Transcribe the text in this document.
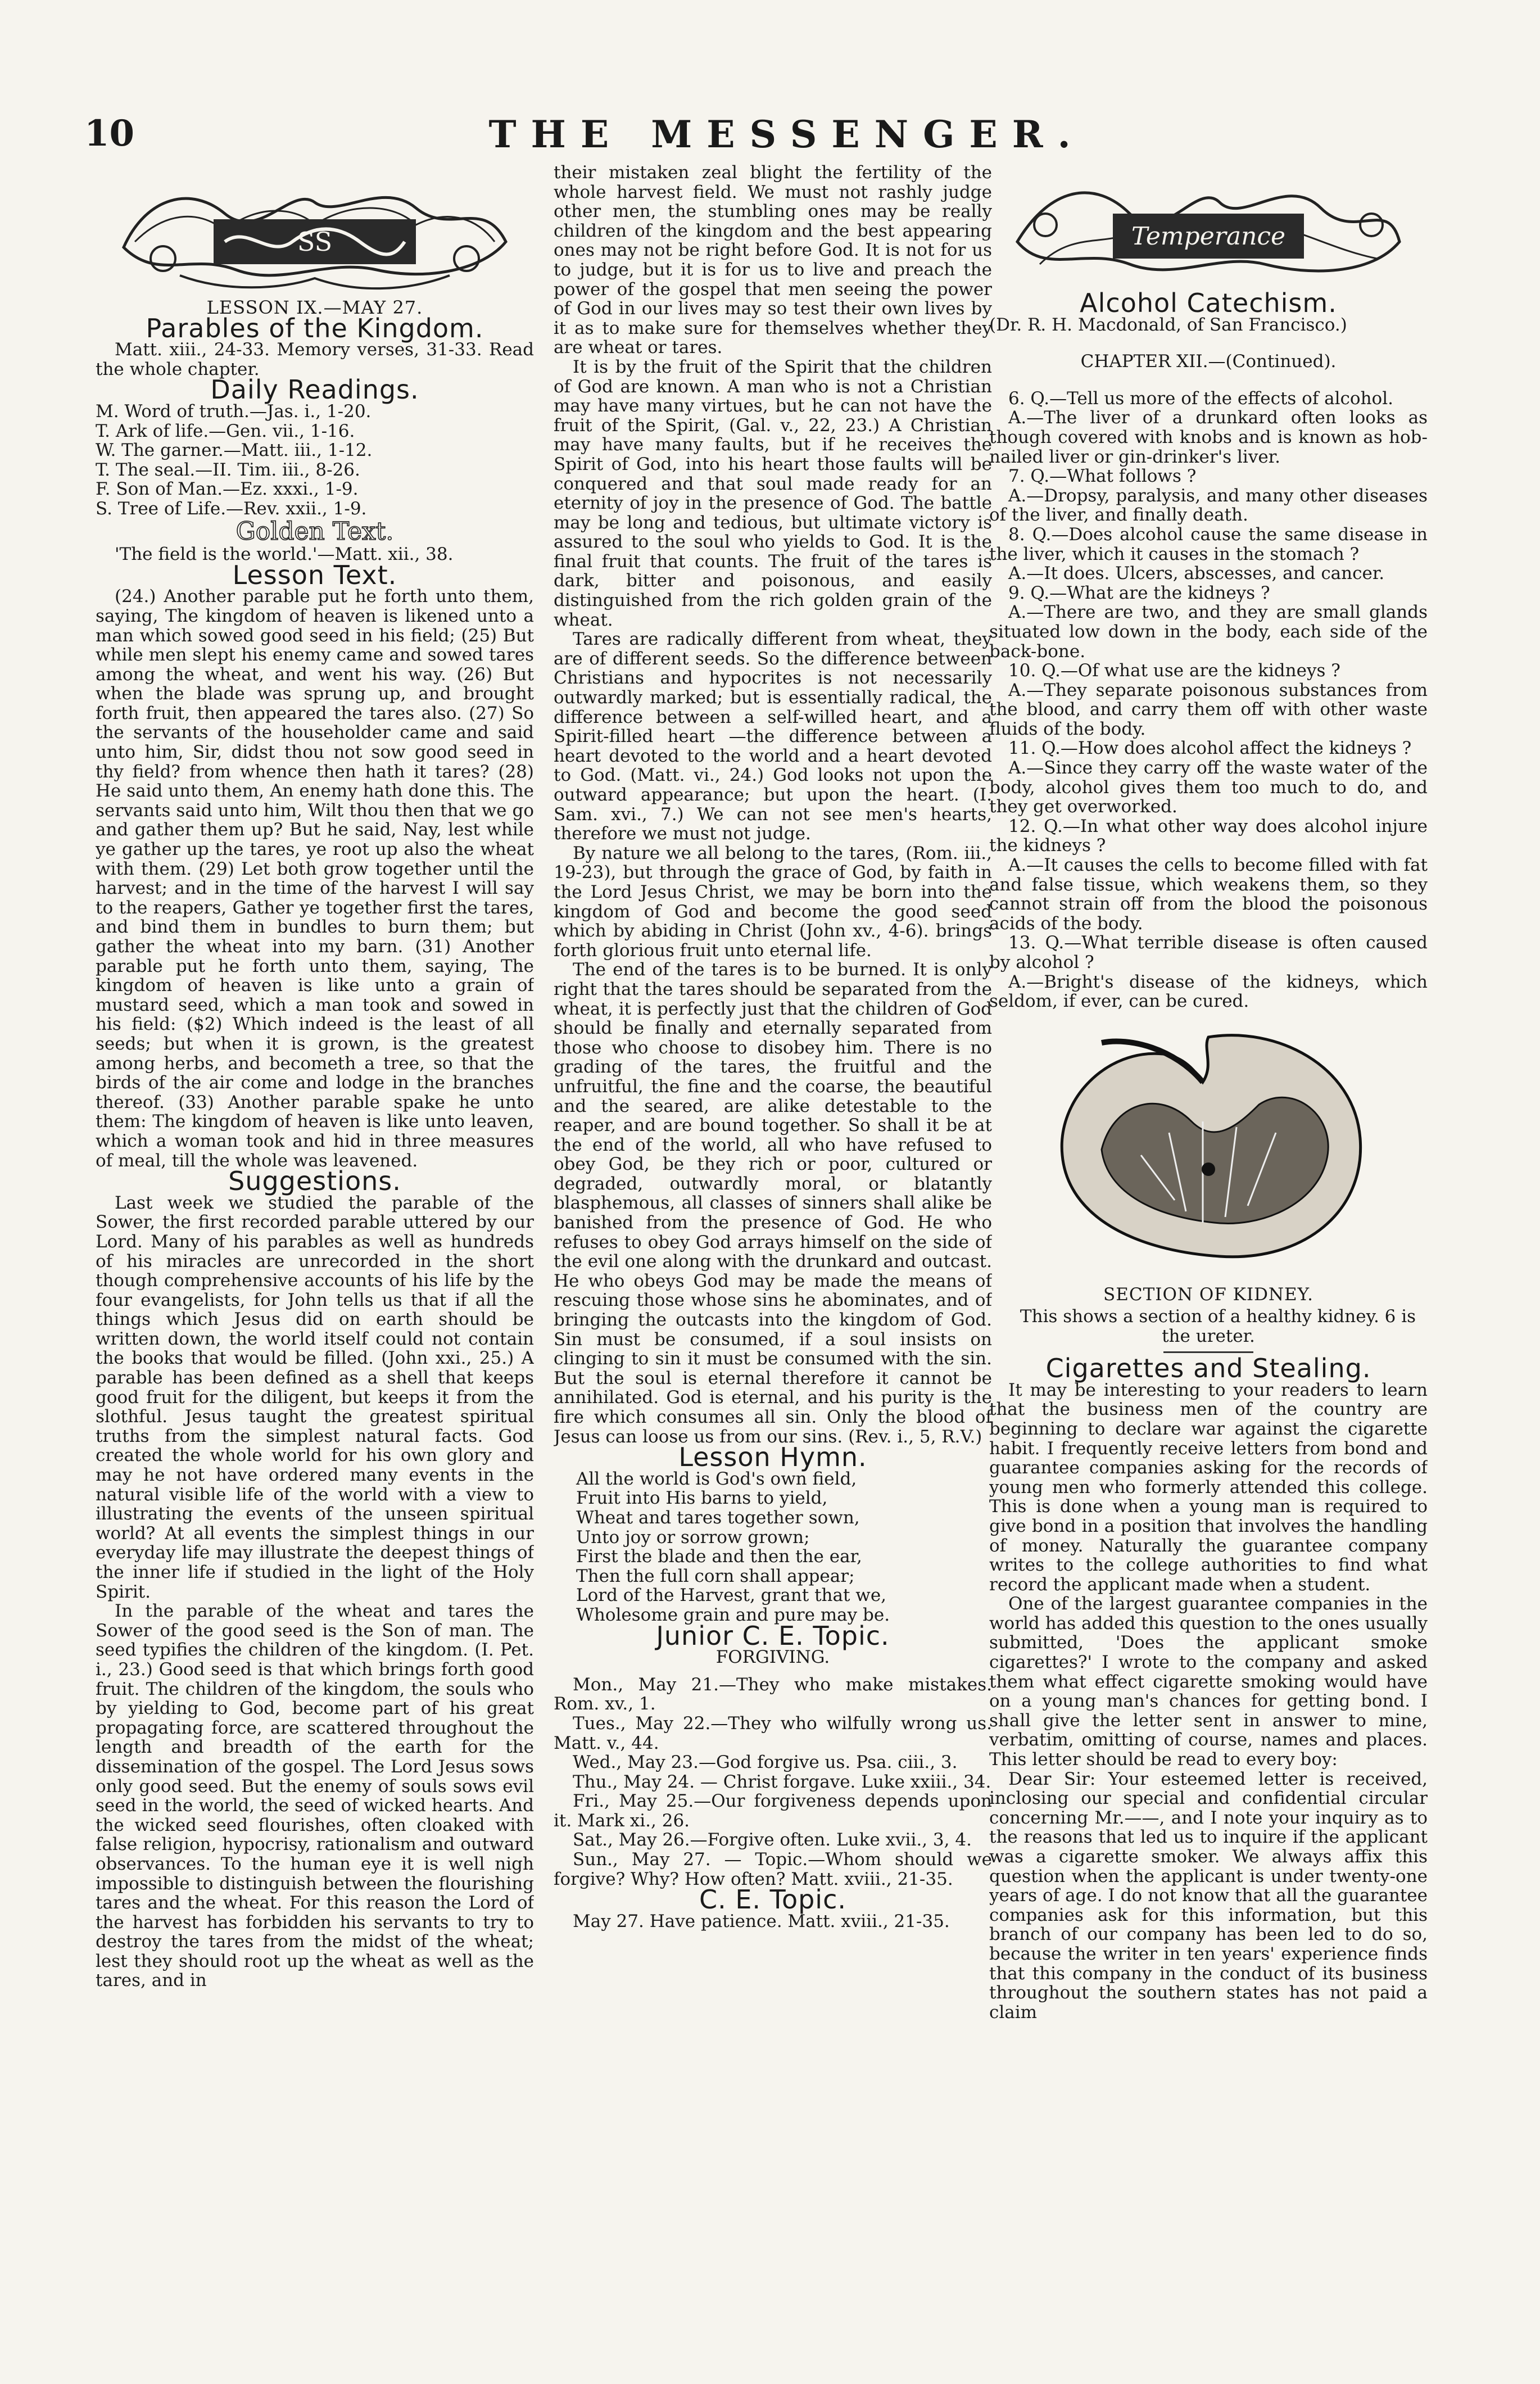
10	THE MESSENGER.
SS

LESSON IX.—MAY 27.

Parables of the Kingdom.

Matt. xiii., 24-33. Memory verses, 31-33. Read the whole chapter.

Daily Readings.

M. Word of truth.—Jas. i., 1-20.

T. Ark of life.—Gen. vii., 1-16.

W. The garner.—Matt. iii., 1-12.

T. The seal.—II. Tim. iii., 8-26.

F. Son of Man.—Ez. xxxi., 1-9.

S. Tree of Life.—Rev. xxii., 1-9.

Golden Text.

'The field is the world.'—Matt. xii., 38.

Lesson Text.

(24.) Another parable put he forth unto them, saying, The kingdom of heaven is likened unto a man which sowed good seed in his field; (25) But while men slept his enemy came and sowed tares among the wheat, and went his way. (26) But when the blade was sprung up, and brought forth fruit, then appeared the tares also. (27) So the servants of the householder came and said unto him, Sir, didst thou not sow good seed in thy field? from whence then hath it tares? (28) He said unto them, An enemy hath done this. The servants said unto him, Wilt thou then that we go and gather them up? But he said, Nay, lest while ye gather up the tares, ye root up also the wheat with them. (29) Let both grow together until the harvest; and in the time of the harvest I will say to the reapers, Gather ye together first the tares, and bind them in bundles to burn them; but gather the wheat into my barn. (31) Another parable put he forth unto them, saying, The kingdom of heaven is like unto a grain of mustard seed, which a man took and sowed in his field: ($2) Which indeed is the least of all seeds; but when it is grown, is the greatest among herbs, and becometh a tree, so that the birds of the air come and lodge in the branches thereof. (33) Another parable spake he unto them: The kingdom of heaven is like unto leaven, which a woman took and hid in three measures of meal, till the whole was leavened.

Suggestions.

Last week we studied the parable of the Sower, the first recorded parable uttered by our Lord. Many of his parables as well as hundreds of his miracles are unrecorded in the short though comprehensive accounts of his life by the four evangelists, for John tells us that if all the things which Jesus did on earth should be written down, the world itself could not contain the books that would be filled. (John xxi., 25.) A parable has been defined as a shell that keeps good fruit for the diligent, but keeps it from the slothful. Jesus taught the greatest spiritual truths from the simplest natural facts. God created the whole world for his own glory and may he not have ordered many events in the natural visible life of the world with a view to illustrating the events of the unseen spiritual world? At all events the simplest things in our everyday life may illustrate the deepest things of the inner life if studied in the light of the Holy Spirit.

In the parable of the wheat and tares the Sower of the good seed is the Son of man. The seed typifies the children of the kingdom. (I. Pet. i., 23.) Good seed is that which brings forth good fruit. The children of the kingdom, the souls who by yielding to God, become part of his great propagating force, are scattered throughout the length and breadth of the earth for the dissemination of the gospel. The Lord Jesus sows only good seed. But the enemy of souls sows evil seed in the world, the seed of wicked hearts. And the wicked seed flourishes, often cloaked with false religion, hypocrisy, rationalism and outward observances. To the human eye it is well nigh impossible to distinguish between the flourishing tares and the wheat. For this reason the Lord of the harvest has forbidden his servants to try to destroy the tares from the midst of the wheat; lest they should root up the wheat as well as the tares, and in

their mistaken zeal blight the fertility of the whole harvest field. We must not rashly judge other men, the stumbling ones may be really children of the kingdom and the best appearing ones may not be right before God. It is not for us to judge, but it is for us to live and preach the power of the gospel that men seeing the power of God in our lives may so test their own lives by it as to make sure for themselves whether they are wheat or tares.

It is by the fruit of the Spirit that the children of God are known. A man who is not a Christian may have many virtues, but he can not have the fruit of the Spirit, (Gal. v., 22, 23.) A Christian may have many faults, but if he receives the Spirit of God, into his heart those faults will be conquered and that soul made ready for an eternity of joy in the presence of God. The battle may be long and tedious, but ultimate victory is assured to the soul who yields to God. It is the final fruit that counts. The fruit of the tares is dark, bitter and poisonous, and easily distinguished from the rich golden grain of the wheat.

Tares are radically different from wheat, they are of different seeds. So the difference between Christians and hypocrites is not necessarily outwardly marked; but is essentially radical, the difference between a self-willed heart, and a Spirit-filled heart —the difference between a heart devoted to the world and a heart devoted to God. (Matt. vi., 24.) God looks not upon the outward appearance; but upon the heart. (I. Sam. xvi., 7.) We can not see men's hearts, therefore we must not judge.

By nature we all belong to the tares, (Rom. iii., 19-23), but through the grace of God, by faith in the Lord Jesus Christ, we may be born into the kingdom of God and become the good seed which by abiding in Christ (John xv., 4-6). brings forth glorious fruit unto eternal life.

The end of the tares is to be burned. It is only right that the tares should be separated from the wheat, it is perfectly just that the children of God should be finally and eternally separated from those who choose to disobey him. There is no grading of the tares, the fruitful and the unfruitful, the fine and the coarse, the beautiful and the seared, are alike detestable to the reaper, and are bound together. So shall it be at the end of the world, all who have refused to obey God, be they rich or poor, cultured or degraded, outwardly moral, or blatantly blasphemous, all classes of sinners shall alike be banished from the presence of God. He who refuses to obey God arrays himself on the side of the evil one along with the drunkard and outcast. He who obeys God may be made the means of rescuing those whose sins he abominates, and of bringing the outcasts into the kingdom of God. Sin must be consumed, if a soul insists on clinging to sin it must be consumed with the sin. But the soul is eternal therefore it cannot be annihilated. God is eternal, and his purity is the fire which consumes all sin. Only the blood of Jesus can loose us from our sins. (Rev. i., 5, R.V.)

Lesson Hymn.

All the world is God's own field,

Fruit into His barns to yield,

Wheat and tares together sown,

Unto joy or sorrow grown;

First the blade and then the ear,

Then the full corn shall appear;

Lord of the Harvest, grant that we,

Wholesome grain and pure may be.

Junior C. E. Topic.

FORGIVING.

Mon., May 21.—They who make mistakes. Rom. xv., 1.

Tues., May 22.—They who wilfully wrong us. Matt. v., 44.

Wed., May 23.—God forgive us. Psa. ciii., 3.

Thu., May 24. — Christ forgave. Luke xxiii., 34.

Fri., May 25.—Our forgiveness depends upon it. Mark xi., 26.

Sat., May 26.—Forgive often. Luke xvii., 3, 4.

Sun., May 27. — Topic.—Whom should we forgive? Why? How often? Matt. xviii., 21-35.

C. E. Topic.

May 27. Have patience. Matt. xviii., 21-35.

Temperance
Alcohol Catechism.

(Dr. R. H. Macdonald, of San Francisco.)

CHAPTER XII.—(Continued).

6. Q.—Tell us more of the effects of alcohol.

A.—The liver of a drunkard often looks as though covered with knobs and is known as hob-nailed liver or gin-drinker's liver.

7. Q.—What follows ?

A.—Dropsy, paralysis, and many other diseases of the liver, and finally death.

8. Q.—Does alcohol cause the same disease in the liver, which it causes in the stomach ?

A.—It does. Ulcers, abscesses, and cancer.

9. Q.—What are the kidneys ?

A.—There are two, and they are small glands situated low down in the body, each side of the back-bone.

10. Q.—Of what use are the kidneys ?

A.—They separate poisonous substances from the blood, and carry them off with other waste fluids of the body.

11. Q.—How does alcohol affect the kidneys ?

A.—Since they carry off the waste water of the body, alcohol gives them too much to do, and they get overworked.

12. Q.—In what other way does alcohol injure the kidneys ?

A.—It causes the cells to become filled with fat and false tissue, which weakens them, so they cannot strain off from the blood the poisonous acids of the body.

13. Q.—What terrible disease is often caused by alcohol ?

A.—Bright's disease of the kidneys, which seldom, if ever, can be cured.

SECTION OF KIDNEY.

This shows a section of a healthy kidney. 6 is the ureter.

Cigarettes and Stealing.

It may be interesting to your readers to learn that the business men of the country are beginning to declare war against the cigarette habit. I frequently receive letters from bond and guarantee companies asking for the records of young men who formerly attended this college. This is done when a young man is required to give bond in a position that involves the handling of money. Naturally the guarantee company writes to the college authorities to find what record the applicant made when a student.

One of the largest guarantee companies in the world has added this question to the ones usually submitted, 'Does the applicant smoke cigarettes?' I wrote to the company and asked them what effect cigarette smoking would have on a young man's chances for getting bond. I shall give the letter sent in answer to mine, verbatim, omitting of course, names and places. This letter should be read to every boy:

Dear Sir: Your esteemed letter is received, inclosing our special and confidential circular concerning Mr.——, and I note your inquiry as to the reasons that led us to inquire if the applicant was a cigarette smoker. We always affix this question when the applicant is under twenty-one years of age. I do not know that all the guarantee companies ask for this information, but this branch of our company has been led to do so, because the writer in ten years' experience finds that this company in the conduct of its business throughout the southern states has not paid a claim
